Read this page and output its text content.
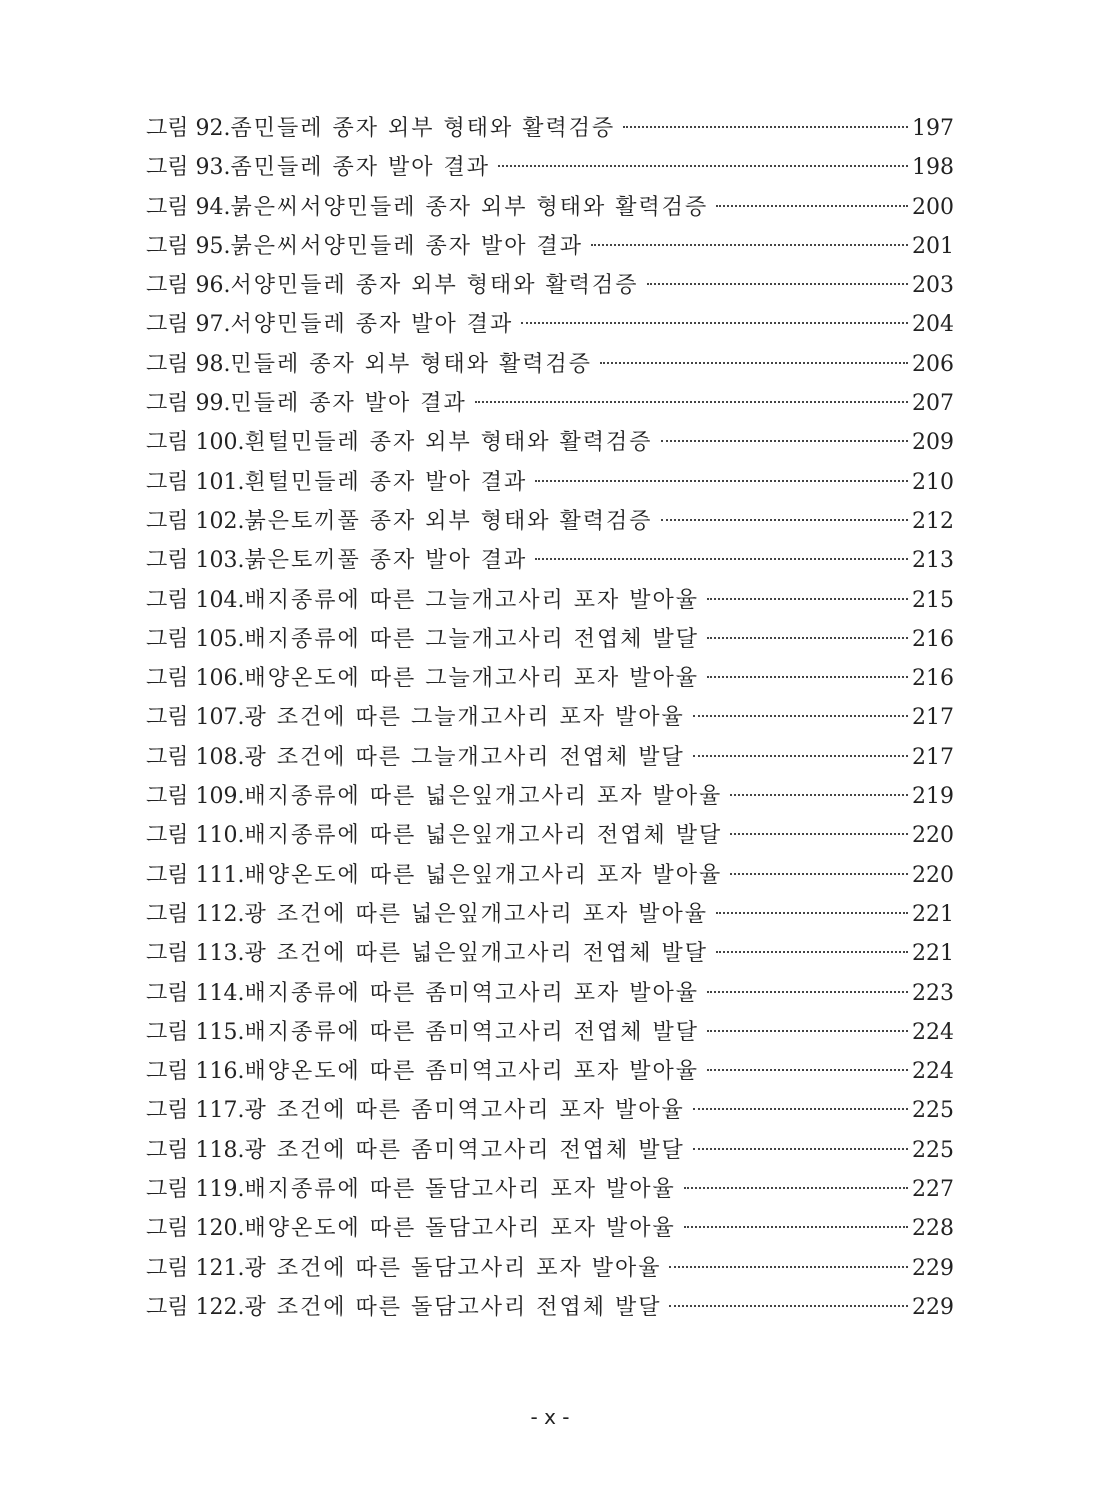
그림 92. 좀민들레 종자 외부 형태와 활력검증	197
그림 93. 좀민들레 종자 발아 결과	198
그림 94. 붉은씨서양민들레 종자 외부 형태와 활력검증	200
그림 95. 붉은씨서양민들레 종자 발아 결과	201
그림 96. 서양민들레 종자 외부 형태와 활력검증	203
그림 97. 서양민들레 종자 발아 결과	204
그림 98. 민들레 종자 외부 형태와 활력검증	206
그림 99. 민들레 종자 발아 결과	207
그림 100. 흰털민들레 종자 외부 형태와 활력검증	209
그림 101. 흰털민들레 종자 발아 결과	210
그림 102. 붉은토끼풀 종자 외부 형태와 활력검증	212
그림 103. 붉은토끼풀 종자 발아 결과	213
그림 104. 배지종류에 따른 그늘개고사리 포자 발아율	215
그림 105. 배지종류에 따른 그늘개고사리 전엽체 발달	216
그림 106. 배양온도에 따른 그늘개고사리 포자 발아율	216
그림 107. 광 조건에 따른 그늘개고사리 포자 발아율	217
그림 108. 광 조건에 따른 그늘개고사리 전엽체 발달	217
그림 109. 배지종류에 따른 넓은잎개고사리 포자 발아율	219
그림 110. 배지종류에 따른 넓은잎개고사리 전엽체 발달	220
그림 111. 배양온도에 따른 넓은잎개고사리 포자 발아율	220
그림 112. 광 조건에 따른 넓은잎개고사리 포자 발아율	221
그림 113. 광 조건에 따른 넓은잎개고사리 전엽체 발달	221
그림 114. 배지종류에 따른 좀미역고사리 포자 발아율	223
그림 115. 배지종류에 따른 좀미역고사리 전엽체 발달	224
그림 116. 배양온도에 따른 좀미역고사리 포자 발아율	224
그림 117. 광 조건에 따른 좀미역고사리 포자 발아율	225
그림 118. 광 조건에 따른 좀미역고사리 전엽체 발달	225
그림 119. 배지종류에 따른 돌담고사리 포자 발아율	227
그림 120. 배양온도에 따른 돌담고사리 포자 발아율	228
그림 121. 광 조건에 따른 돌담고사리 포자 발아율	229
그림 122. 광 조건에 따른 돌담고사리 전엽체 발달	229
- x -
